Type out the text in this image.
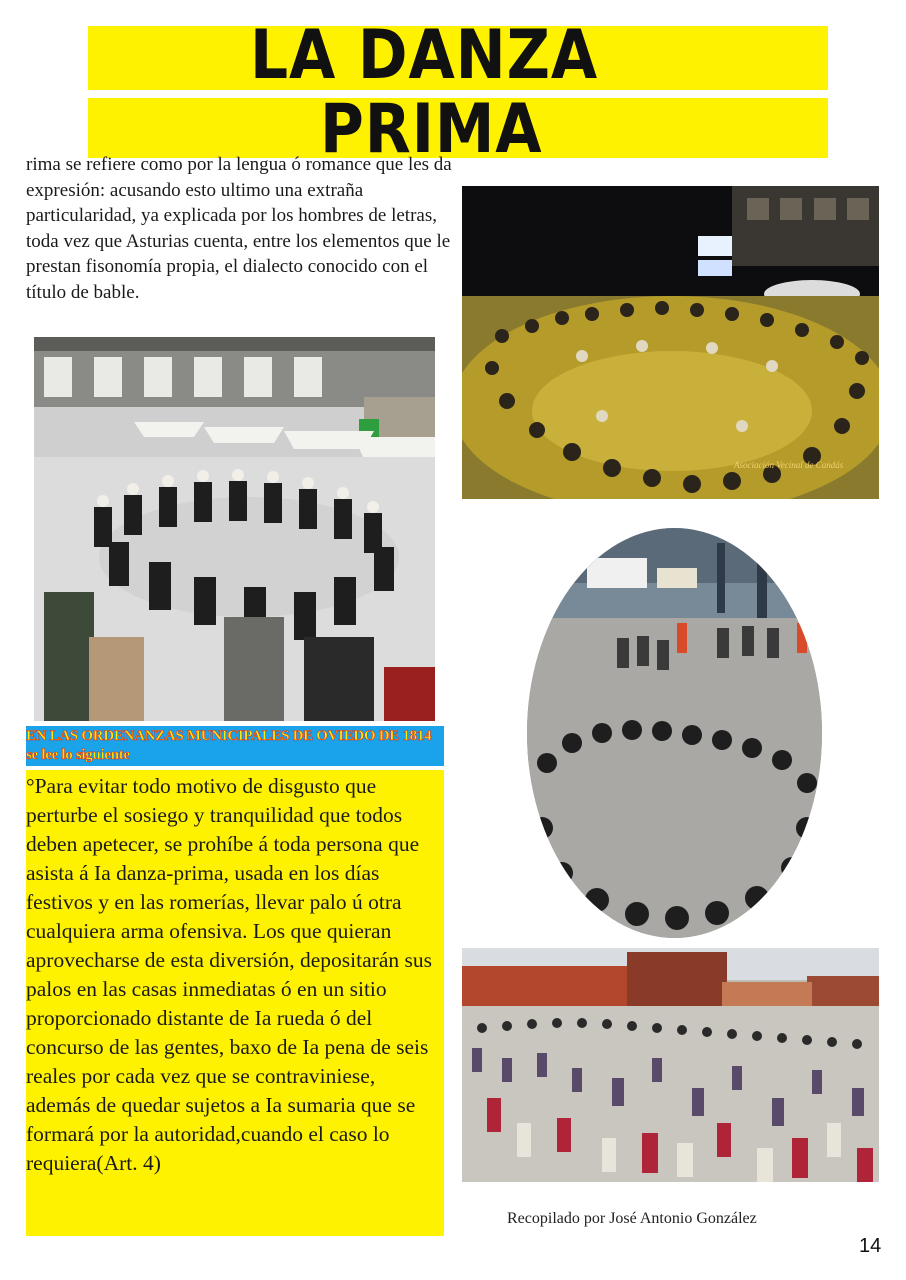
LA DANZA
PRIMA

rima se refiere como por la lengua ó romance que les da expresión: acusando esto ultimo una extraña particularidad, ya explicada por los hombres de letras, toda vez que Asturias cuenta, entre los elementos que le prestan fisonomía propia, el dialecto conocido con el título de bable.

Asociación Vecinal de Candás
EN LAS ORDENANZAS MUNICIPALES DE OVIEDO DE 1814 se lee lo siguiente

°Para evitar todo motivo de disgusto que perturbe el sosiego y tranquilidad que todos deben apetecer, se prohíbe á toda persona que asista á Ia danza-prima, usada en los días festivos y en las romerías, llevar palo ú otra cualquiera arma ofensiva. Los que quieran aprovecharse de esta diversión, depositarán sus palos en las casas inmediatas ó en un sitio proporcionado distante de Ia rueda ó del concurso de las gentes, baxo de Ia pena de seis reales por cada vez que se contraviniese, además de quedar sujetos a Ia sumaria que se formará por la autoridad,cuando el caso lo requiera(Art. 4)

Recopilado por José Antonio González
14
